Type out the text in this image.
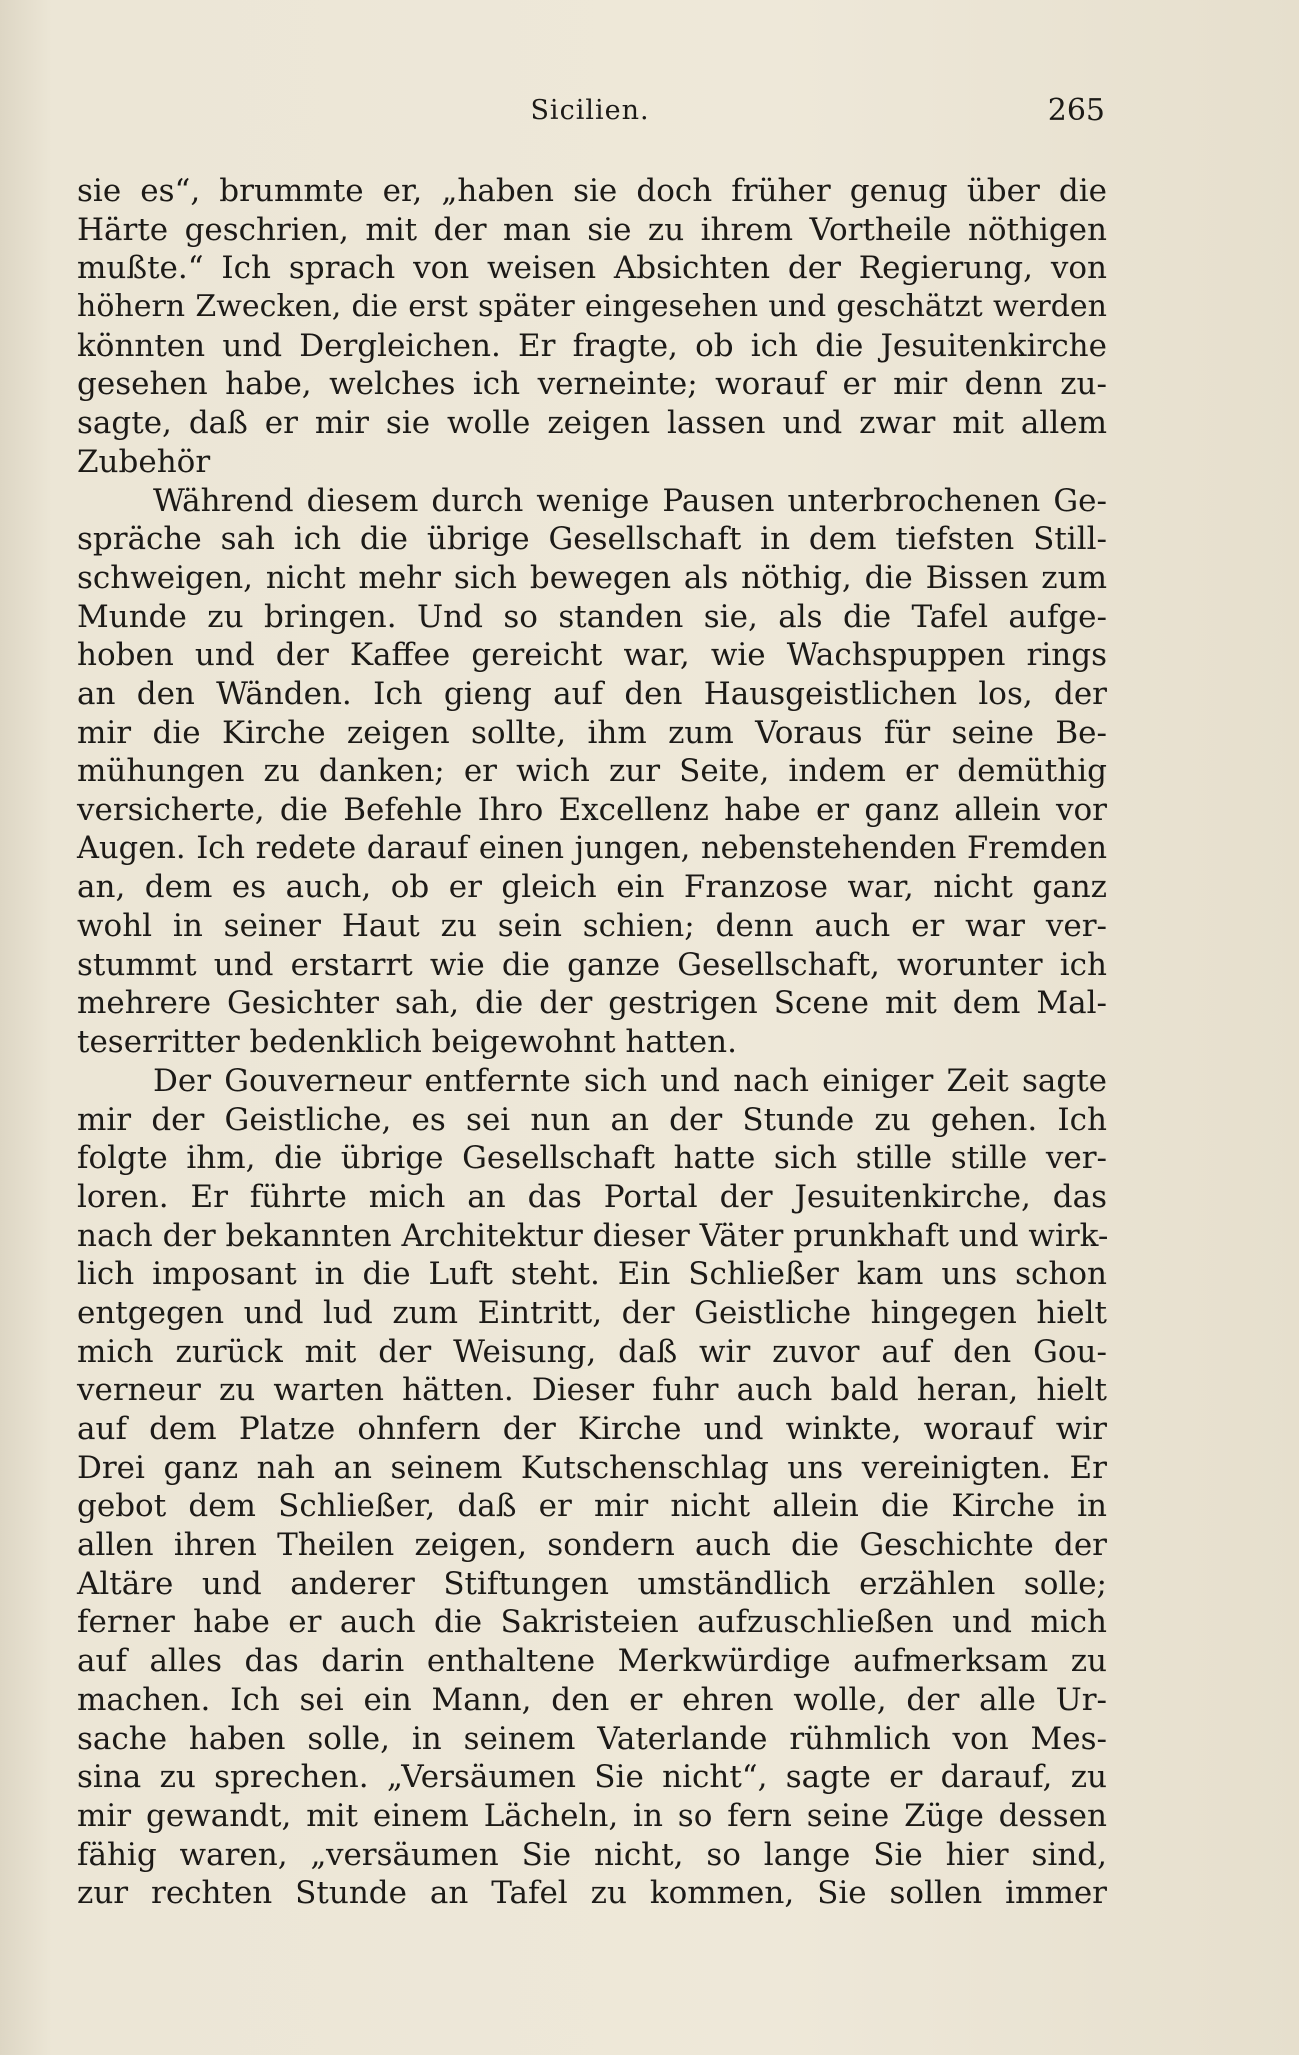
Sicilien.	265
sie es“, brummte er, „haben sie doch früher genug über die
Härte geschrien, mit der man sie zu ihrem Vortheile nöthigen
mußte.“ Ich sprach von weisen Absichten der Regierung, von
höhern Zwecken, die erst später eingesehen und geschätzt werden
könnten und Dergleichen. Er fragte, ob ich die Jesuitenkirche
gesehen habe, welches ich verneinte; worauf er mir denn zu-
sagte, daß er mir sie wolle zeigen lassen und zwar mit allem
Zubehör
Während diesem durch wenige Pausen unterbrochenen Ge-
spräche sah ich die übrige Gesellschaft in dem tiefsten Still-
schweigen, nicht mehr sich bewegen als nöthig, die Bissen zum
Munde zu bringen. Und so standen sie, als die Tafel aufge-
hoben und der Kaffee gereicht war, wie Wachspuppen rings
an den Wänden. Ich gieng auf den Hausgeistlichen los, der
mir die Kirche zeigen sollte, ihm zum Voraus für seine Be-
mühungen zu danken; er wich zur Seite, indem er demüthig
versicherte, die Befehle Ihro Excellenz habe er ganz allein vor
Augen. Ich redete darauf einen jungen, nebenstehenden Fremden
an, dem es auch, ob er gleich ein Franzose war, nicht ganz
wohl in seiner Haut zu sein schien; denn auch er war ver-
stummt und erstarrt wie die ganze Gesellschaft, worunter ich
mehrere Gesichter sah, die der gestrigen Scene mit dem Mal-
teserritter bedenklich beigewohnt hatten.
Der Gouverneur entfernte sich und nach einiger Zeit sagte
mir der Geistliche, es sei nun an der Stunde zu gehen. Ich
folgte ihm, die übrige Gesellschaft hatte sich stille stille ver-
loren. Er führte mich an das Portal der Jesuitenkirche, das
nach der bekannten Architektur dieser Väter prunkhaft und wirk-
lich imposant in die Luft steht. Ein Schließer kam uns schon
entgegen und lud zum Eintritt, der Geistliche hingegen hielt
mich zurück mit der Weisung, daß wir zuvor auf den Gou-
verneur zu warten hätten. Dieser fuhr auch bald heran, hielt
auf dem Platze ohnfern der Kirche und winkte, worauf wir
Drei ganz nah an seinem Kutschenschlag uns vereinigten. Er
gebot dem Schließer, daß er mir nicht allein die Kirche in
allen ihren Theilen zeigen, sondern auch die Geschichte der
Altäre und anderer Stiftungen umständlich erzählen solle;
ferner habe er auch die Sakristeien aufzuschließen und mich
auf alles das darin enthaltene Merkwürdige aufmerksam zu
machen. Ich sei ein Mann, den er ehren wolle, der alle Ur-
sache haben solle, in seinem Vaterlande rühmlich von Mes-
sina zu sprechen. „Versäumen Sie nicht“, sagte er darauf, zu
mir gewandt, mit einem Lächeln, in so fern seine Züge dessen
fähig waren, „versäumen Sie nicht, so lange Sie hier sind,
zur rechten Stunde an Tafel zu kommen, Sie sollen immer
